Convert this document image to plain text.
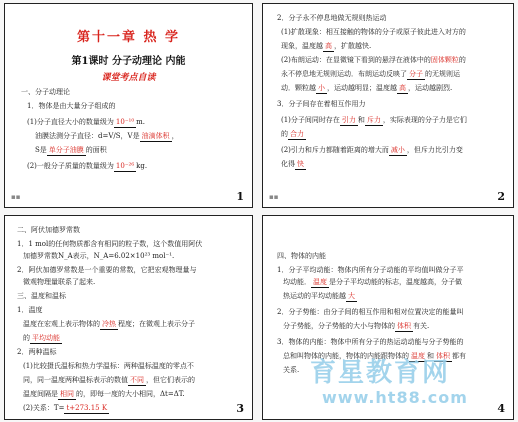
第十一章 热 学
第1课时 分子动理论 内能
课堂考点自读
一、分子动理论
1．物体是由大量分子组成的
(1)分子直径大小的数量级为 10⁻¹⁰ m.
油膜法测分子直径：d=V/S，V是 油滴体积 ，
S是 单分子油膜 的面积
(2)一般分子质量的数量级为 10⁻²⁶ kg.
▪▪	1
2．分子永不停息地做无规则热运动
(1)扩散现象：相互接触的物体的分子或原子彼此进入对方的
现象，温度越 高 ，扩散越快.
(2)布朗运动：在显微镜下看到的悬浮在液体中的固体颗粒的
永不停息地无规则运动．布朗运动反映了 分子 的无规则运
动．颗粒越 小 ，运动越明显；温度越 高 ，运动越剧烈.
3．分子间存在着相互作用力
(1)分子间同时存在 引力 和 斥力 ，实际表现的分子力是它们
的 合力
(2)引力和斥力都随着距离的增大而 减小 ，但斥力比引力变
化得 快
▪▪	2
二、阿伏加德罗常数
1．1 mol的任何物质都含有相同的粒子数，这个数值用阿伏
加德罗常数N_A表示，N_A=6.02×10²³ mol⁻¹.
2．阿伏加德罗常数是一个重要的常数，它把宏观物理量与
微观物理量联系了起来.
三、温度和温标
1．温度
温度在宏观上表示物体的 冷热 程度；在微观上表示分子
的 平均动能
2．两种温标
(1)比较摄氏温标和热力学温标：两种温标温度的零点不
同，同一温度两种温标表示的数值 不同 ，但它们表示的
温度间隔是 相同 的，即每一度的大小相同，Δt=ΔT.
(2)关系：T= t+273.15 K	3
四、物体的内能
1．分子平均动能：物体内所有分子动能的平均值叫做分子平
均动能． 温度 是分子平均动能的标志，温度越高，分子做
热运动的平均动能越 大
2．分子势能：由分子间的相互作用和相对位置决定的能量叫
分子势能，分子势能的大小与物体的 体积 有关.
3．物体的内能：物体中所有分子的热运动动能与分子势能的
总和叫物体的内能，物体的内能跟物体的 温度 和 体积 都有
关系.
4
育星教育网
www.ht88.com
